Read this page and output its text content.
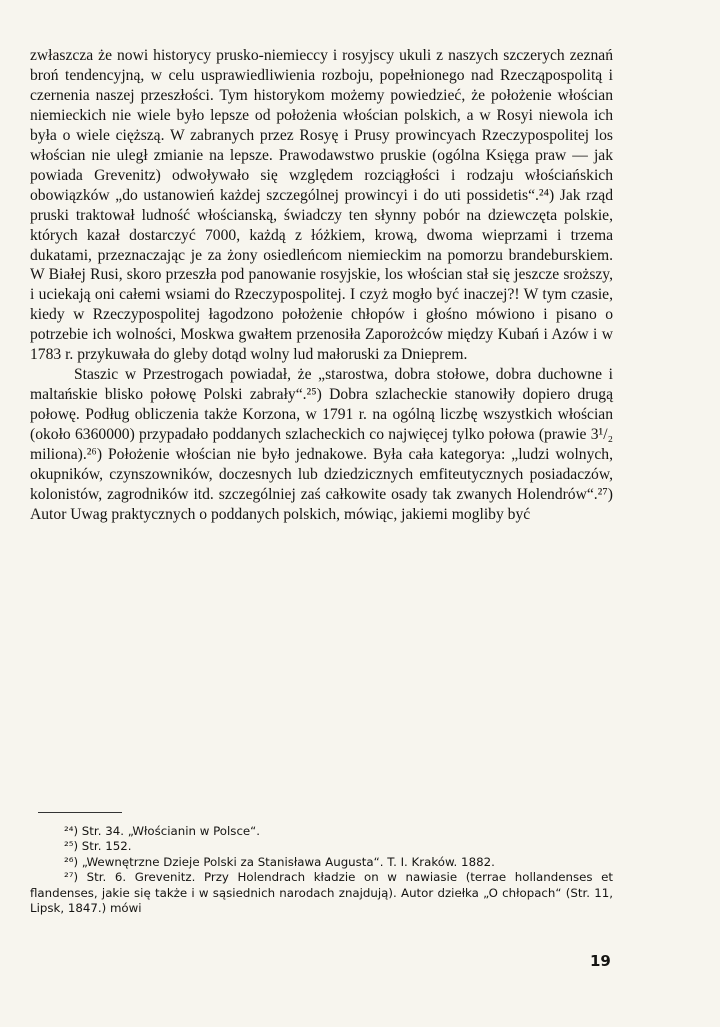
zwłaszcza że nowi historycy prusko-niemieccy i rosyjscy ukuli z naszych szczerych zeznań broń tendencyjną, w celu usprawiedliwienia rozboju, popełnionego nad Rzecząpospolitą i czernenia naszej przeszłości. Tym historykom możemy powiedzieć, że położenie włościan niemieckich nie wiele było lepsze od położenia włościan polskich, a w Rosyi niewola ich była o wiele cięższą. W zabranych przez Rosyę i Prusy prowincyach Rzeczypospolitej los włościan nie uległ zmianie na lepsze. Prawodawstwo pruskie (ogólna Księga praw — jak powiada Grevenitz) odwoływało się względem rozciągłości i rodzaju włościańskich obowiązków „do ustanowień każdej szczególnej prowincyi i do uti possidetis“.²⁴) Jak rząd pruski traktował ludność włościanską, świadczy ten słynny pobór na dziewczęta polskie, których kazał dostarczyć 7000, każdą z łóżkiem, krową, dwoma wieprzami i trzema dukatami, przeznaczając je za żony osiedleńcom niemieckim na pomorzu brandeburskiem. W Białej Rusi, skoro przeszła pod panowanie rosyjskie, los włościan stał się jeszcze sroższy, i uciekają oni całemi wsiami do Rzeczypospolitej. I czyż mogło być inaczej?! W tym czasie, kiedy w Rzeczypospolitej łagodzono położenie chłopów i głośno mówiono i pisano o potrzebie ich wolności, Moskwa gwałtem przenosiła Zaporożców między Kubań i Azów i w 1783 r. przykuwała do gleby dotąd wolny lud małoruski za Dnieprem.

Staszic w Przestrogach powiadał, że „starostwa, dobra stołowe, dobra duchowne i maltańskie blisko połowę Polski zabrały“.²⁵) Dobra szlacheckie stanowiły dopiero drugą połowę. Podług obliczenia także Korzona, w 1791 r. na ogólną liczbę wszystkich włościan (około 6360000) przypadało poddanych szlacheckich co najwięcej tylko połowa (prawie 3¹/₂ miliona).²⁶) Położenie włościan nie było jednakowe. Była cała kategorya: „ludzi wolnych, okupników, czynszowników, doczesnych lub dziedzicznych emfiteutycznych posiadaczów, kolonistów, zagrodników itd. szczególniej zaś całkowite osady tak zwanych Holendrów“.²⁷) Autor Uwag praktycznych o poddanych polskich, mówiąc, jakiemi mogliby być

²⁴) Str. 34. „Włościanin w Polsce“.

²⁵) Str. 152.

²⁶) „Wewnętrzne Dzieje Polski za Stanisława Augusta“. T. I. Kraków. 1882.

²⁷) Str. 6. Grevenitz. Przy Holendrach kładzie on w nawiasie (terrae hollandenses et flandenses, jakie się także i w sąsiednich narodach znajdują). Autor dziełka „O chłopach“ (Str. 11, Lipsk, 1847.) mówi

19
